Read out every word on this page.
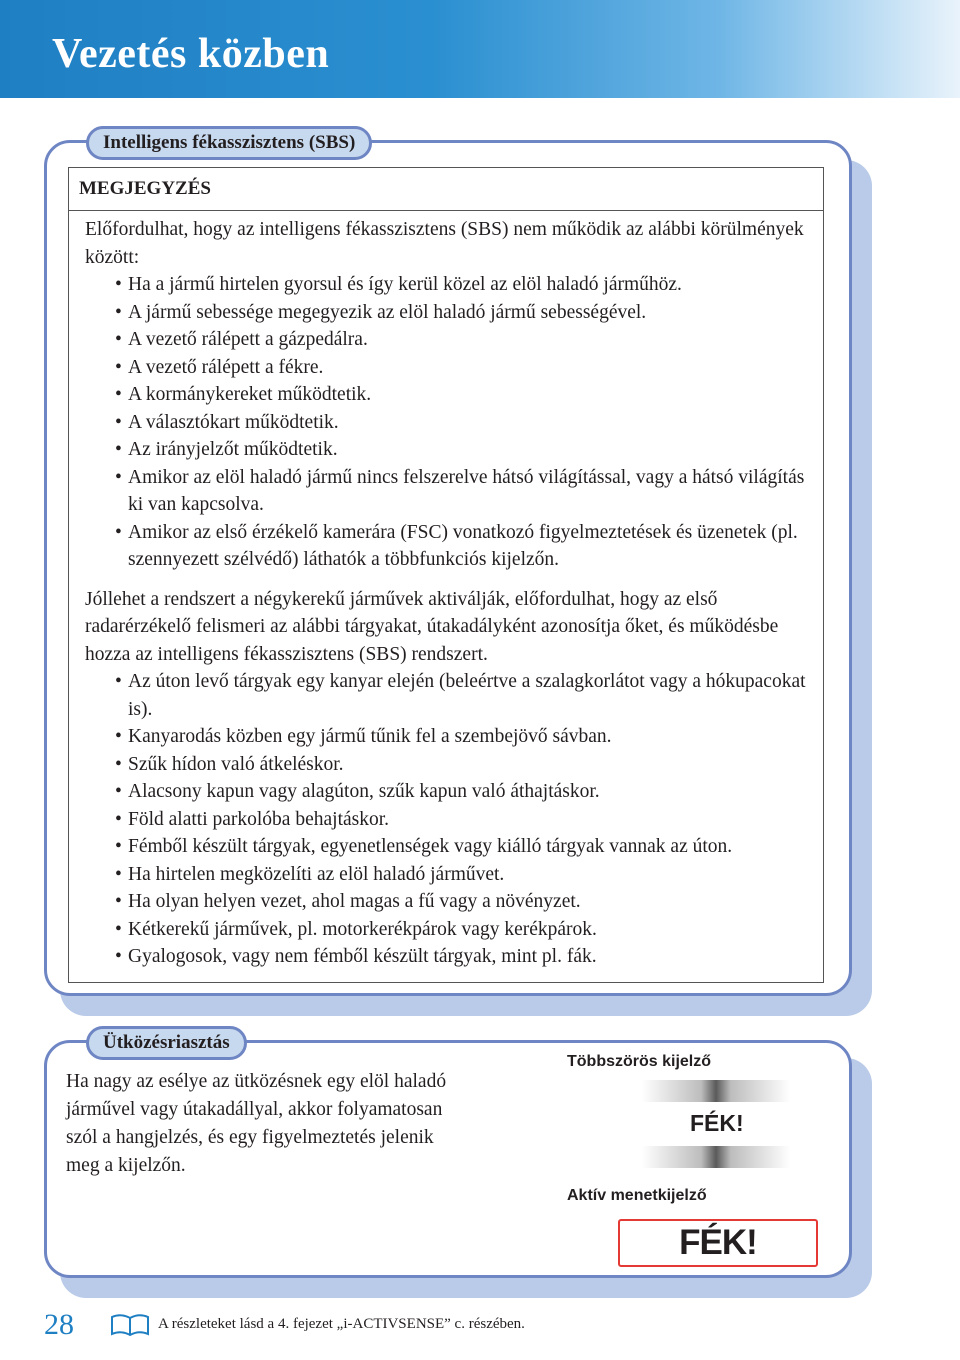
Vezetés közben
Intelligens fékasszisztens (SBS)
MEGJEGYZÉS

Előfordulhat, hogy az intelligens fékasszisztens (SBS) nem működik az alábbi körülmények között:

• Ha a jármű hirtelen gyorsul és így kerül közel az elöl haladó járműhöz.
• A jármű sebessége megegyezik az elöl haladó jármű sebességével.
• A vezető rálépett a gázpedálra.
• A vezető rálépett a fékre.
• A kormánykereket működtetik.
• A választókart működtetik.
• Az irányjelzőt működtetik.
• Amikor az elöl haladó jármű nincs felszerelve hátsó világítással, vagy a hátsó világítás ki van kapcsolva.
• Amikor az első érzékelő kamerára (FSC) vonatkozó figyelmeztetések és üzenetek (pl. szennyezett szélvédő) láthatók a többfunkciós kijelzőn.

Jóllehet a rendszert a négykerekű járművek aktiválják, előfordulhat, hogy az első radarérzékelő felismeri az alábbi tárgyakat, útakadályként azonosítja őket, és működésbe hozza az intelligens fékasszisztens (SBS) rendszert.

• Az úton levő tárgyak egy kanyar elején (beleértve a szalagkorlátot vagy a hókupacokat is).
• Kanyarodás közben egy jármű tűnik fel a szembejövő sávban.
• Szűk hídon való átkeléskor.
• Alacsony kapun vagy alagúton, szűk kapun való áthajtáskor.
• Föld alatti parkolóba behajtáskor.
• Fémből készült tárgyak, egyenetlenségek vagy kiálló tárgyak vannak az úton.
• Ha hirtelen megközelíti az elöl haladó járművet.
• Ha olyan helyen vezet, ahol magas a fű vagy a növényzet.
• Kétkerekű járművek, pl. motorkerékpárok vagy kerékpárok.
• Gyalogosok, vagy nem fémből készült tárgyak, mint pl. fák.
Ütközésriasztás
Ha nagy az esélye az ütközésnek egy elöl haladó járművel vagy útakadállyal, akkor folyamatosan szól a hangjelzés, és egy figyelmeztetés jelenik meg a kijelzőn.
Többszörös kijelző
FÉK!
Aktív menetkijelző
FÉK!
28	A részleteket lásd a 4. fejezet „i-ACTIVSENSE” c. részében.
